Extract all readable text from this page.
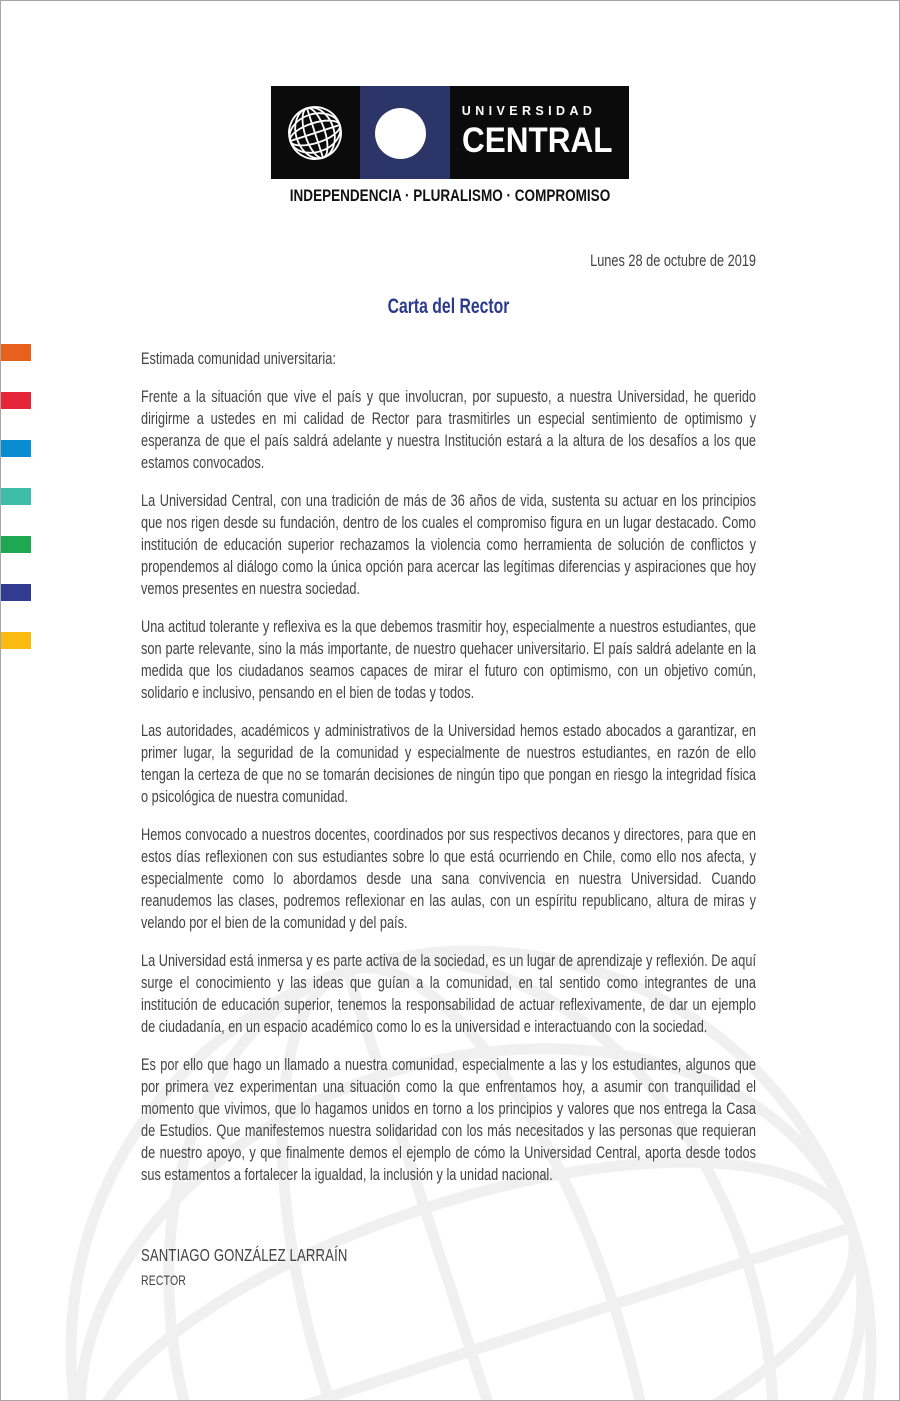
UNIVERSIDAD
CENTRAL
INDEPENDENCIA · PLURALISMO · COMPROMISO
Lunes 28 de octubre de 2019
Carta del Rector

Estimada comunidad universitaria:

Frente a la situación que vive el país y que involucran, por supuesto, a nuestra Universidad, he querido dirigirme a ustedes en mi calidad de Rector para trasmitirles un especial sentimiento de optimismo y esperanza de que el país saldrá adelante y nuestra Institución estará a la altura de los desafíos a los que estamos convocados.

La Universidad Central, con una tradición de más de 36 años de vida, sustenta su actuar en los principios que nos rigen desde su fundación, dentro de los cuales el compromiso figura en un lugar destacado. Como institución de educación superior rechazamos la violencia como herramienta de solución de conflictos y propendemos al diálogo como la única opción para acercar las legítimas diferencias y aspiraciones que hoy vemos presentes en nuestra sociedad.

Una actitud tolerante y reflexiva es la que debemos trasmitir hoy, especialmente a nuestros estudiantes, que son parte relevante, sino la más importante, de nuestro quehacer universitario. El país saldrá adelante en la medida que los ciudadanos seamos capaces de mirar el futuro con optimismo, con un objetivo común, solidario e inclusivo, pensando en el bien de todas y todos.

Las autoridades, académicos y administrativos de la Universidad hemos estado abocados a garantizar, en primer lugar, la seguridad de la comunidad y especialmente de nuestros estudiantes, en razón de ello tengan la certeza de que no se tomarán decisiones de ningún tipo que pongan en riesgo la integridad física o psicológica de nuestra comunidad.

Hemos convocado a nuestros docentes, coordinados por sus respectivos decanos y directores, para que en estos días reflexionen con sus estudiantes sobre lo que está ocurriendo en Chile, como ello nos afecta, y especialmente como lo abordamos desde una sana convivencia en nuestra Universidad. Cuando reanudemos las clases, podremos reflexionar en las aulas, con un espíritu republicano, altura de miras y velando por el bien de la comunidad y del país.

La Universidad está inmersa y es parte activa de la sociedad, es un lugar de aprendizaje y reflexión. De aquí surge el conocimiento y las ideas que guían a la comunidad, en tal sentido como integrantes de una institución de educación superior, tenemos la responsabilidad de actuar reflexivamente, de dar un ejemplo de ciudadanía, en un espacio académico como lo es la universidad e interactuando con la sociedad.

Es por ello que hago un llamado a nuestra comunidad, especialmente a las y los estudiantes, algunos que por primera vez experimentan una situación como la que enfrentamos hoy, a asumir con tranquilidad el momento que vivimos, que lo hagamos unidos en torno a los principios y valores que nos entrega la Casa de Estudios. Que manifestemos nuestra solidaridad con los más necesitados y las personas que requieran de nuestro apoyo, y que finalmente demos el ejemplo de cómo la Universidad Central, aporta desde todos sus estamentos a fortalecer la igualdad, la inclusión y la unidad nacional.

SANTIAGO GONZÁLEZ LARRAÍN
RECTOR
